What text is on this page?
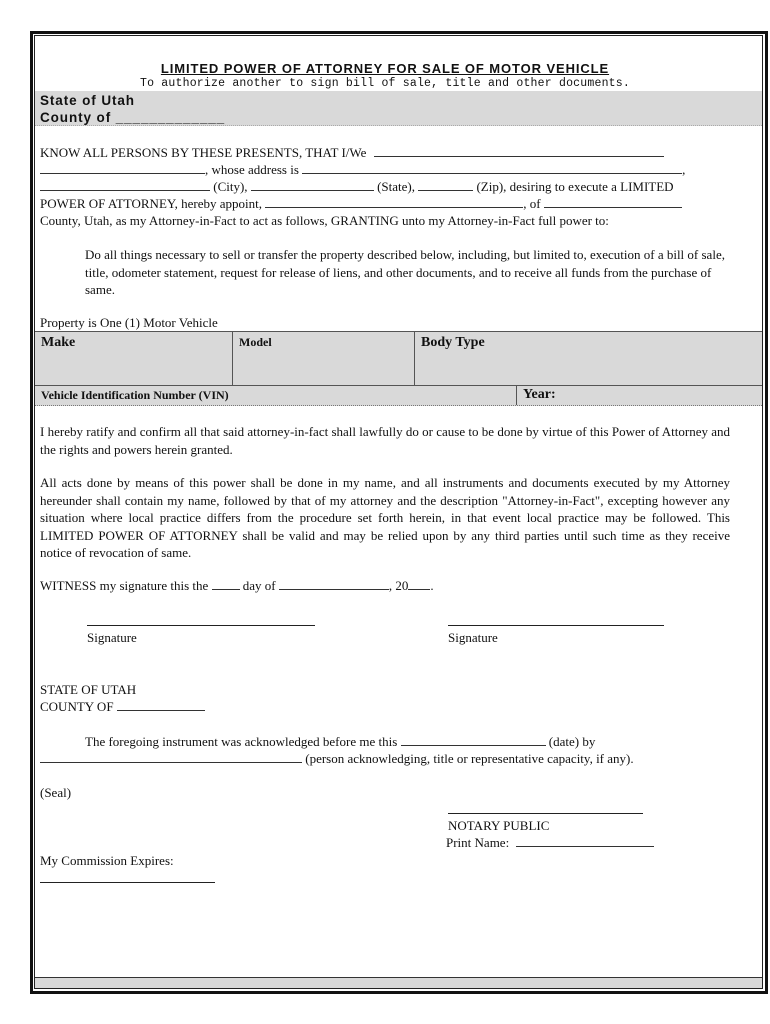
LIMITED POWER OF ATTORNEY FOR SALE OF MOTOR VEHICLE
To authorize another to sign bill of sale, title and other documents.
State of Utah
County of _____________
KNOW ALL PERSONS BY THESE PRESENTS, THAT I/We
, whose address is	,
(City),	(State),	(Zip), desiring to execute a LIMITED
POWER OF ATTORNEY, hereby appoint,	, of
County, Utah, as my Attorney-in-Fact to act as follows, GRANTING unto my Attorney-in-Fact full power to:
Do all things necessary to sell or transfer the property described below, including, but limited to, execution of a bill of sale, title, odometer statement, request for release of liens, and other documents, and to receive all funds from the purchase of same.
Property is One (1) Motor Vehicle
Make	Model	Body Type
Vehicle Identification Number (VIN)	Year:
I hereby ratify and confirm all that said attorney-in-fact shall lawfully do or cause to be done by virtue of this Power of Attorney and the rights and powers herein granted.
All acts done by means of this power shall be done in my name, and all instruments and documents executed by my Attorney hereunder shall contain my name, followed by that of my attorney and the description "Attorney-in-Fact", excepting however any situation where local practice differs from the procedure set forth herein, in that event local practice may be followed. This LIMITED POWER OF ATTORNEY shall be valid and may be relied upon by any third parties until such time as they receive notice of revocation of same.
WITNESS my signature this the	day of	, 20 .
Signature	Signature
STATE OF UTAH
COUNTY OF
The foregoing instrument was acknowledged before me this	(date) by
(person acknowledging, title or representative capacity, if any).
(Seal)
NOTARY PUBLIC
Print Name:
My Commission Expires:
